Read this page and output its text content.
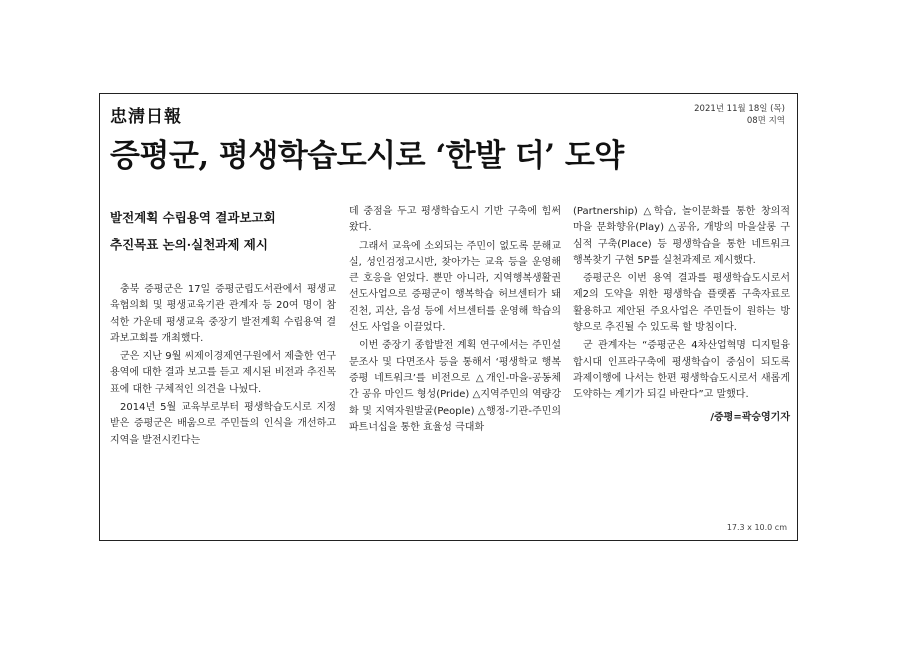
忠淸日報	2021년 11월 18일 (목)
08면 지역
증평군, 평생학습도시로 ‘한발 더’ 도약
발전계획 수립용역 결과보고회
추진목표 논의·실천과제 제시

충북 증평군은 17일 증평군립도서관에서 평생교육협의회 및 평생교육기관 관계자 등 20여 명이 참석한 가운데 평생교육 중장기 발전계획 수립용역 결과보고회를 개최했다.

군은 지난 9월 씨제이경제연구원에서 제출한 연구용역에 대한 결과 보고를 듣고 제시된 비전과 추진목표에 대한 구체적인 의견을 나눴다.

2014년 5월 교육부로부터 평생학습도시로 지정받은 증평군은 배움으로 주민들의 인식을 개선하고 지역을 발전시킨다는

데 중점을 두고 평생학습도시 기반 구축에 힘써왔다.

그래서 교육에 소외되는 주민이 없도록 문해교실, 성인검정고시반, 찾아가는 교육 등을 운영해 큰 호응을 얻었다. 뿐만 아니라, 지역행복생활권 선도사업으로 증평군이 행복학습 허브센터가 돼 진천, 괴산, 음성 등에 서브센터를 운영해 학습의 선도 사업을 이끌었다.

이번 중장기 종합발전 계획 연구에서는 주민설문조사 및 다면조사 등을 통해서 ‘평생학교 행복증평 네트워크’를 비전으로 △개인-마을-공동체 간 공유 마인드 형성(Pride) △지역주민의 역량강화 및 지역자원발굴(People) △행정-기관-주민의 파트너십을 통한 효율성 극대화

(Partnership) △학습, 놀이문화를 통한 창의적 마을 문화향유(Play) △공유, 개방의 마을살롱 구심적 구축(Place) 등 평생학습을 통한 네트워크 행복찾기 구현 5P를 실천과제로 제시했다.

증평군은 이번 용역 결과를 평생학습도시로서 제2의 도약을 위한 평생학습 플랫폼 구축자료로 활용하고 제안된 주요사업은 주민들이 원하는 방향으로 추진될 수 있도록 할 방침이다.

군 관계자는 “증평군은 4차산업혁명 디지털융합시대 인프라구축에 평생학습이 중심이 되도록 과제이행에 나서는 한편 평생학습도시로서 새롭게 도약하는 계기가 되길 바란다”고 말했다.

/증평=곽승영기자
17.3 x 10.0 cm
